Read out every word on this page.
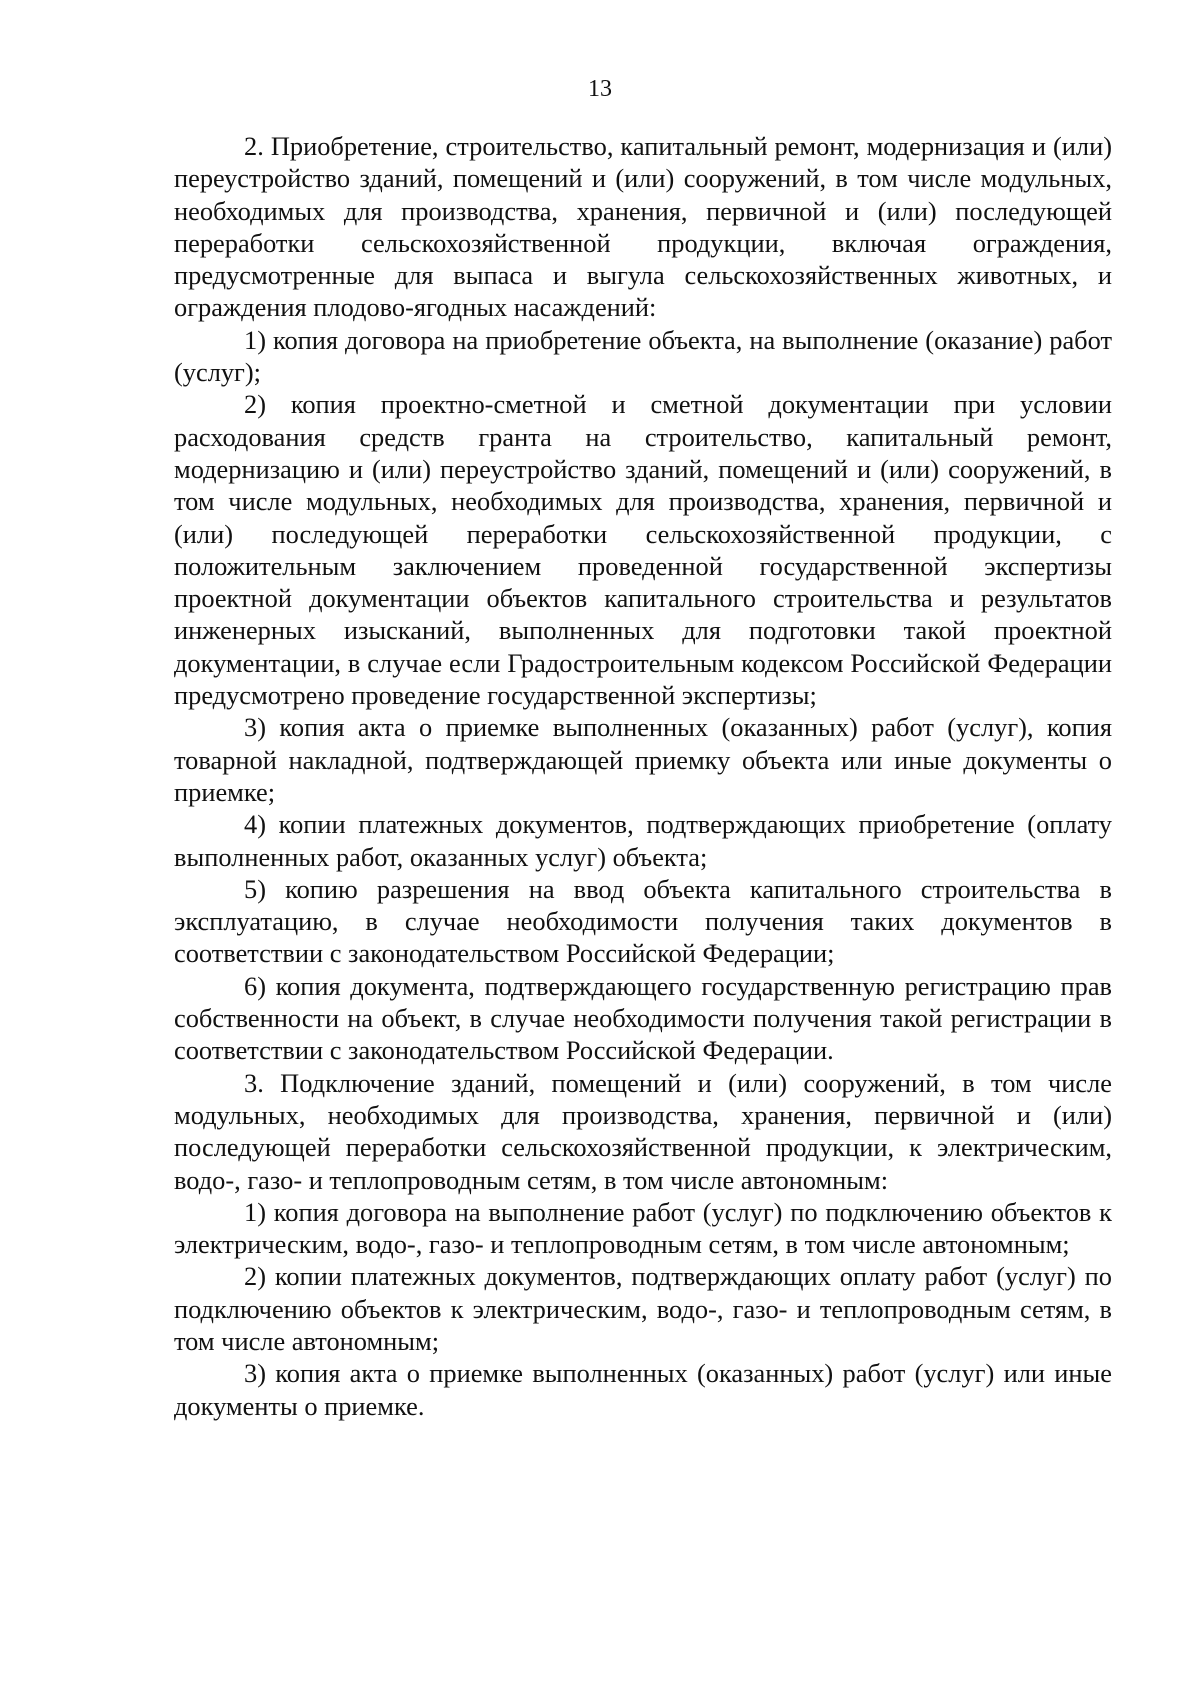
13

2. Приобретение, строительство, капитальный ремонт, модернизация и (или) переустройство зданий, помещений и (или) сооружений, в том числе модульных, необходимых для производства, хранения, первичной и (или) последующей переработки сельскохозяйственной продукции, включая ограждения, предусмотренные для выпаса и выгула сельскохозяйственных животных, и ограждения плодово-ягодных насаждений:

1) копия договора на приобретение объекта, на выполнение (оказание) работ (услуг);

2) копия проектно-сметной и сметной документации при условии расходования средств гранта на строительство, капитальный ремонт, модернизацию и (или) переустройство зданий, помещений и (или) сооружений, в том числе модульных, необходимых для производства, хранения, первичной и (или) последующей переработки сельскохозяйственной продукции, с положительным заключением проведенной государственной экспертизы проектной документации объектов капитального строительства и результатов инженерных изысканий, выполненных для подготовки такой проектной документации, в случае если Градостроительным кодексом Российской Федерации предусмотрено проведение государственной экспертизы;

3) копия акта о приемке выполненных (оказанных) работ (услуг), копия товарной накладной, подтверждающей приемку объекта или иные документы о приемке;

4) копии платежных документов, подтверждающих приобретение (оплату выполненных работ, оказанных услуг) объекта;

5) копию разрешения на ввод объекта капитального строительства в эксплуатацию, в случае необходимости получения таких документов в соответствии с законодательством Российской Федерации;

6) копия документа, подтверждающего государственную регистрацию прав собственности на объект, в случае необходимости получения такой регистрации в соответствии с законодательством Российской Федерации.

3. Подключение зданий, помещений и (или) сооружений, в том числе модульных, необходимых для производства, хранения, первичной и (или) последующей переработки сельскохозяйственной продукции, к электрическим, водо-, газо- и теплопроводным сетям, в том числе автономным:

1) копия договора на выполнение работ (услуг) по подключению объектов к электрическим, водо-, газо- и теплопроводным сетям, в том числе автономным;

2) копии платежных документов, подтверждающих оплату работ (услуг) по подключению объектов к электрическим, водо-, газо- и теплопроводным сетям, в том числе автономным;

3) копия акта о приемке выполненных (оказанных) работ (услуг) или иные документы о приемке.
